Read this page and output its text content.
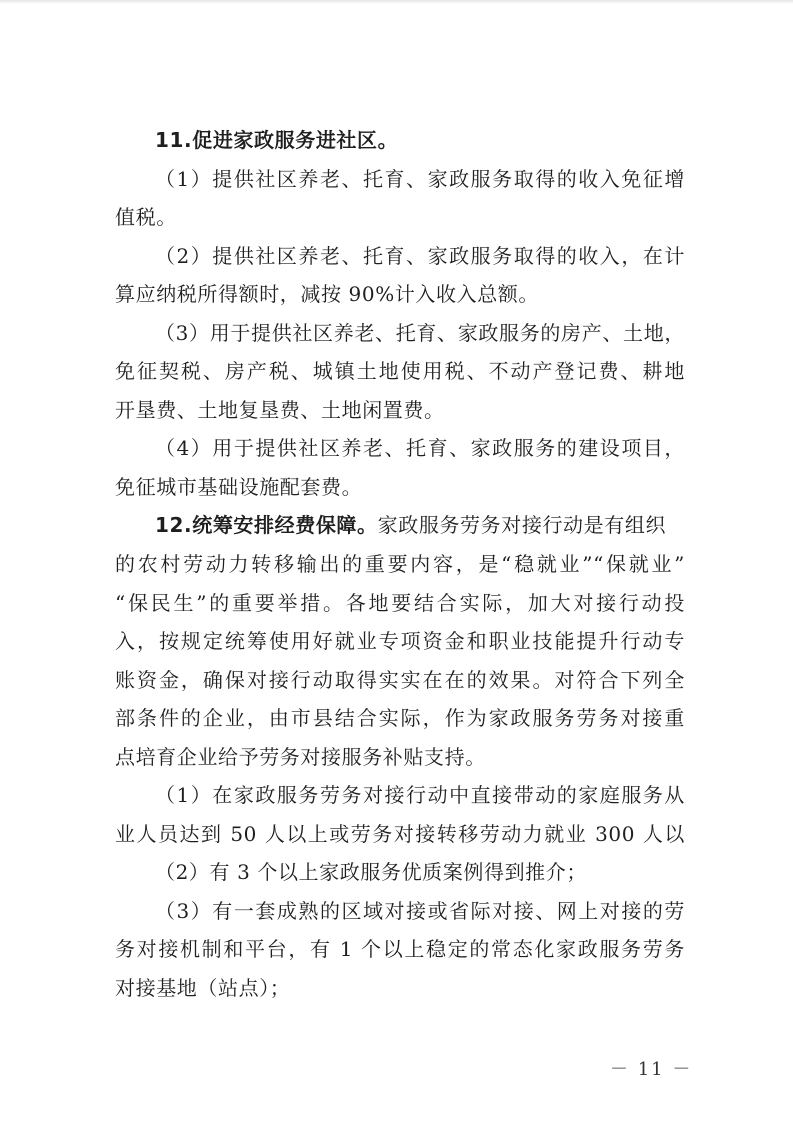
11.促进家政服务进社区。
（1）提供社区养老、托育、家政服务取得的收入免征增
值税。
（2）提供社区养老、托育、家政服务取得的收入，在计
算应纳税所得额时，减按 90%计入收入总额。
（3）用于提供社区养老、托育、家政服务的房产、土地，
免征契税、房产税、城镇土地使用税、不动产登记费、耕地
开垦费、土地复垦费、土地闲置费。
（4）用于提供社区养老、托育、家政服务的建设项目，
免征城市基础设施配套费。
12.统筹安排经费保障。家政服务劳务对接行动是有组织
的农村劳动力转移输出的重要内容，是“稳就业”“保就业”
“保民生”的重要举措。各地要结合实际，加大对接行动投
入，按规定统筹使用好就业专项资金和职业技能提升行动专
账资金，确保对接行动取得实实在在的效果。对符合下列全
部条件的企业，由市县结合实际，作为家政服务劳务对接重
点培育企业给予劳务对接服务补贴支持。
（1）在家政服务劳务对接行动中直接带动的家庭服务从
业人员达到 50 人以上或劳务对接转移劳动力就业 300 人以
（2）有 3 个以上家政服务优质案例得到推介；
（3）有一套成熟的区域对接或省际对接、网上对接的劳
务对接机制和平台，有 1 个以上稳定的常态化家政服务劳务
对接基地（站点）；
－ 11 －
